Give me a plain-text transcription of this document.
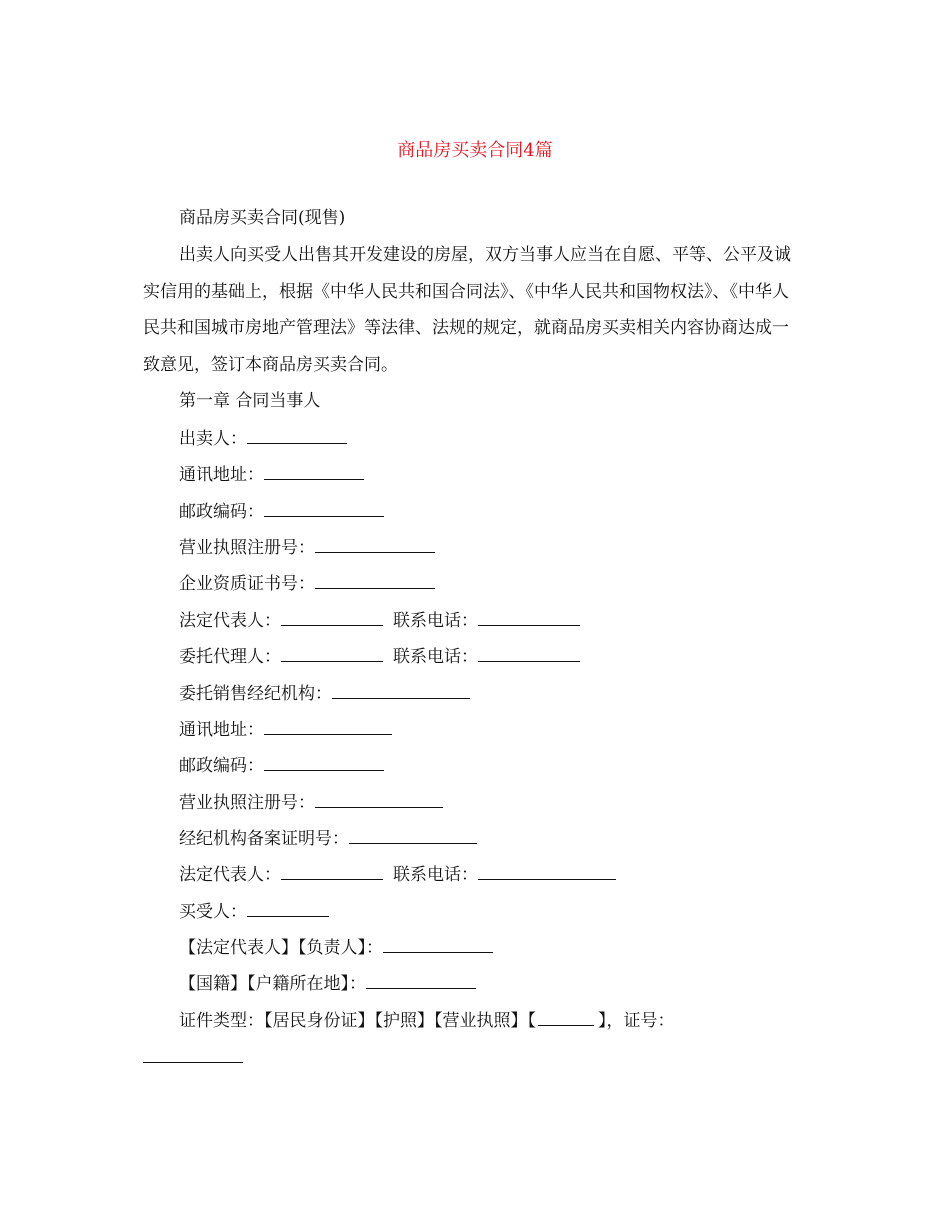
商品房买卖合同4篇
商品房买卖合同(现售)
出卖人向买受人出售其开发建设的房屋，双方当事人应当在自愿、平等、公平及诚实信用的基础上，根据《中华人民共和国合同法》、《中华人民共和国物权法》、《中华人民共和国城市房地产管理法》等法律、法规的规定，就商品房买卖相关内容协商达成一致意见，签订本商品房买卖合同。
第一章 合同当事人
出卖人：
通讯地址：
邮政编码：
营业执照注册号：
企业资质证书号：
法定代表人：	联系电话：
委托代理人：	联系电话：
委托销售经纪机构：
通讯地址：
邮政编码：
营业执照注册号：
经纪机构备案证明号：
法定代表人：	联系电话：
买受人：
【法定代表人】【负责人】：
【国籍】【户籍所在地】：
证件类型：【居民身份证】【护照】【营业执照】【	】，证号：
